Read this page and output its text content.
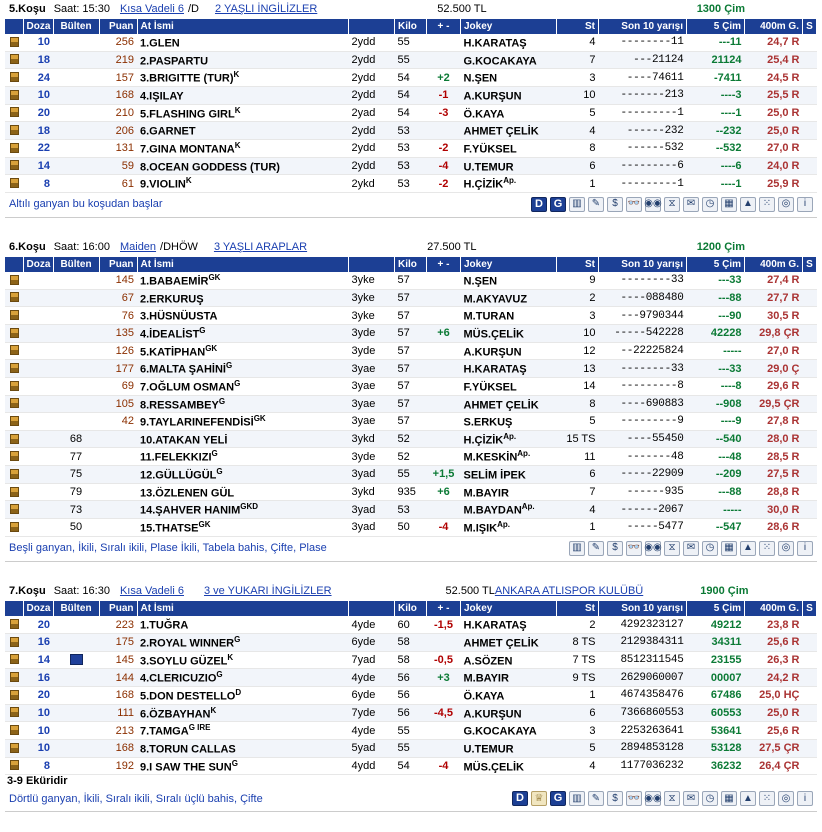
5.Koşu Saat: 15:30 Kısa Vadeli 6 /D 2 YAŞLI İNGİLİZLER	52.500 TL	1300 Çim
	Doza	Bülten	Puan	At İsmi		Kilo	+ -	Jokey	St	Son 10 yarışı	5 Çim	400m G.	S
	10		256	1.GLEN	2ydd	55		H.KARATAŞ	4	--------11	---11	24,7 R	
	18		219	2.PASPARTU	2ydd	55		G.KOCAKAYA	7	---21124	21124	25,4 R	
	24		157	3.BRIGITTE (TUR)$^K$	2ydd	54	+2	N.ŞEN	3	----74611	-7411	24,5 R	
	10		168	4.IŞILAY	2ydd	54	-1	A.KURŞUN	10	-------213	----3	25,5 R	
	20		210	5.FLASHING $GIRL^K$	2yad	54	-3	Ö.KAYA	5	---------1	----1	25,0 R	
	18		206	6.GARNET	2ydd	53		AHMET ÇELİK	4	------232	--232	25,0 R	
	22		131	7.GINA $MONTANA^K$	2ydd	53	-2	F.YÜKSEL	8	------532	--532	27,0 R	
	14		59	8.OCEAN GODDESS (TUR)	2ydd	53	-4	U.TEMUR	6	---------6	----6	24,0 R	
	8		61	$9.VIOLIN^K$	2ykd	53	-2	$H.ÇİZİK^{Ap.}$	1	---------1	----1	25,9 R	
Altılı ganyan bu koşudan başlar	D G ▥	✎	$ 👓 ◉◉ ⧖	✉	◷ ▦ ▲ ⁙	◎	i
6.Koşu Saat: 16:00 Maiden /DHÖW 3 YAŞLI ARAPLAR	27.500 TL	1200 Çim
	Doza	Bülten	Puan	At İsmi		Kilo	+ -	Jokey	St	Son 10 yarışı	5 Çim	400m G.	S
			145	$1.BABAEMİR^{GK}$	3yke	57		N.ŞEN	9	--------33	---33	27,4 R	
			67	2.ERKURUŞ	3yke	57		M.AKYAVUZ	2	----088480	---88	27,7 R	
			76	3.HÜSNÜUSTA	3yke	57		M.TURAN	3	---9790344	---90	30,5 R	
			135	$4.İDEALİST^G$	3yde	57	+6	MÜS.ÇELİK	10	-----542228	42228	29,8 ÇR	
			126	$5.KATİPHAN^{GK}$	3yde	57		A.KURŞUN	12	--22225824	-----	27,0 R	
			177	6.MALTA $ŞAHİNİ^G$	3yae	57		H.KARATAŞ	13	--------33	---33	29,0 Ç	
			69	7.OĞLUM $OSMAN^G$	3yae	57		F.YÜKSEL	14	---------8	----8	29,6 R	
			105	$8.RESSAMBEY^G$	3yae	57		AHMET ÇELİK	8	----690883	--908	29,5 ÇR	
			42	$9.TAYLARINEFENDİSİ^{GK}$	3yae	57		S.ERKUŞ	5	---------9	----9	27,8 R	
		68		10.ATAKAN YELİ	3ykd	52		$H.ÇİZİK^{Ap.}$	15 TS	----55450	--540	28,0 R	
		77		$11.FELEKKIZI^G$	3yde	52		$M.KESKİN^{Ap.}$	11	-------48	---48	28,5 R	
		75		$12.GÜLLÜGÜL^G$	3yad	55	+1,5	SELİM İPEK	6	-----22909	--209	27,5 R	
		79		13.ÖZLENEN GÜL	3ykd	935	+6	M.BAYIR	7	------935	---88	28,8 R	
		73		14.ŞAHVER $HANIM^{GKD}$	3yad	53		$M.BAYDAN^{Ap.}$	4	------2067	-----	30,0 R	
		50		$15.THATSE^{GK}$	3yad	50	-4	$M.IŞIK^{Ap.}$	1	-----5477	--547	28,6 R	
Beşli ganyan, İkili, Sıralı ikili, Plase İkili, Tabela bahis, Çifte, Plase	▥	✎	$ 👓 ◉◉ ⧖	✉	◷ ▦ ▲ ⁙	◎	i
7.Koşu Saat: 16:30 Kısa Vadeli 6 3 ve YUKARI İNGİLİZLER	52.500 TL ANKARA ATLISPOR KULÜBÜ	1900 Çim
	Doza	Bülten	Puan	At İsmi		Kilo	+ -	Jokey	St	Son 10 yarışı	5 Çim	400m G.	S
	20		223	1.TUĞRA	4yde	60	-1,5	H.KARATAŞ	2	4292323127	49212	23,8 R	
	16		175	2.ROYAL $WINNER^G$	6yde	58		AHMET ÇELİK	8 TS	2129384311	34311	25,6 R	
	14		145	3.SOYLU $GÜZEL^K$	7yad	58	-0,5	A.SÖZEN	7 TS	8512311545	23155	26,3 R	
	16		144	$4.CLERICUZIO^G$	4yde	56	+3	M.BAYIR	9 TS	2629060007	00007	24,2 R	
	20		168	5.DON $DESTELLO^D$	6yde	56		Ö.KAYA	1	4674358476	67486	25,0 HÇ	
	10		111	$6.ÖZBAYHAN^K$	7yde	56	-4,5	A.KURŞUN	6	7366860553	60553	25,0 R	
	10		213	$7.TAMGA^{G IRE}$	4yde	55		G.KOCAKAYA	3	2253263641	53641	25,6 R	
	10		168	8.TORUN CALLAS	5yad	55		U.TEMUR	5	2894853128	53128	27,5 ÇR	
	8		192	9.I SAW THE $SUN^G$	4ydd	54	-4	MÜS.ÇELİK	4	1177036232	36232	26,4 ÇR	
3-9 Eküridir
Dörtlü ganyan, İkili, Sıralı ikili, Sıralı üçlü bahis, Çifte	D	♕ G ▥	✎	$ 👓 ◉◉ ⧖	✉	◷ ▦ ▲ ⁙	◎	i
